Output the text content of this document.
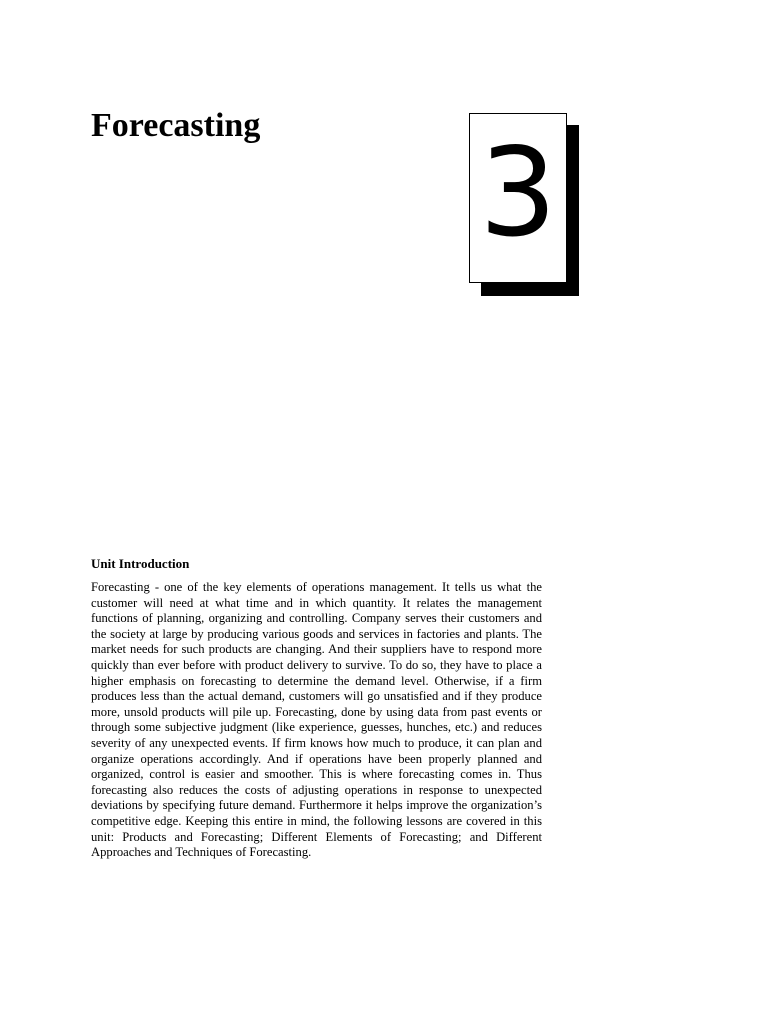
Forecasting 3
Unit Introduction

Forecasting - one of the key elements of operations management. It tells us what the customer will need at what time and in which quantity. It relates the management functions of planning, organizing and controlling. Company serves their customers and the society at large by producing various goods and services in factories and plants. The market needs for such products are changing. And their suppliers have to respond more quickly than ever before with product delivery to survive. To do so, they have to place a higher emphasis on forecasting to determine the demand level. Otherwise, if a firm produces less than the actual demand, customers will go unsatisfied and if they produce more, unsold products will pile up. Forecasting, done by using data from past events or through some subjective judgment (like experience, guesses, hunches, etc.) and reduces severity of any unexpected events. If firm knows how much to produce, it can plan and organize operations accordingly. And if operations have been properly planned and organized, control is easier and smoother. This is where forecasting comes in. Thus forecasting also reduces the costs of adjusting operations in response to unexpected deviations by specifying future demand. Furthermore it helps improve the organization’s competitive edge. Keeping this entire in mind, the following lessons are covered in this unit: Products and Forecasting; Different Elements of Forecasting; and Different Approaches and Techniques of Forecasting.
